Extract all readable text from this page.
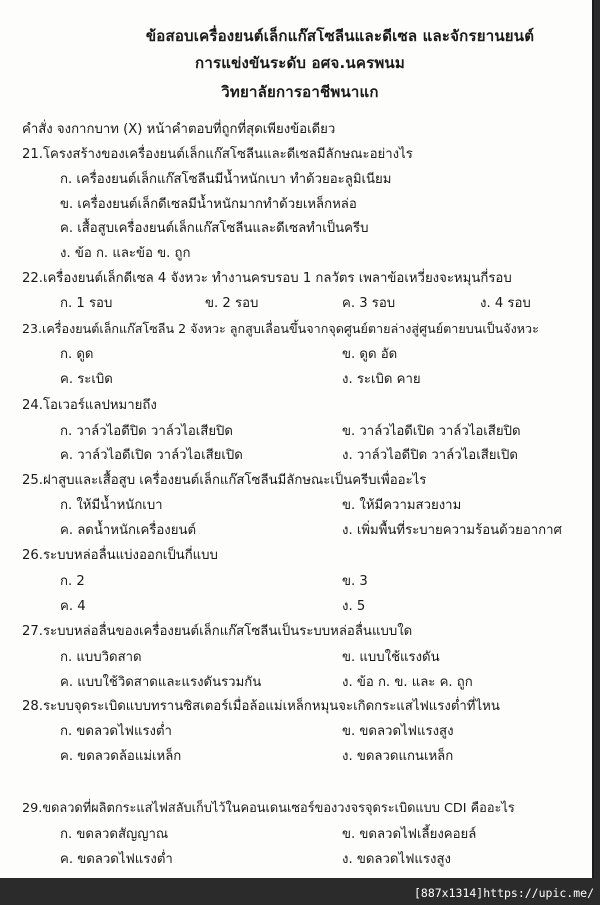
ข้อสอบเครื่องยนต์เล็กแก๊สโซลีนและดีเซล และจักรยานยนต์
การแข่งขันระดับ อศจ.นครพนม
วิทยาลัยการอาชีพนาแก
คำสั่ง จงกากบาท (X) หน้าคำตอบที่ถูกที่สุดเพียงข้อเดียว
21.โครงสร้างของเครื่องยนต์เล็กแก๊สโซลีนและดีเซลมีลักษณะอย่างไร
ก. เครื่องยนต์เล็กแก๊สโซลีนมีน้ำหนักเบา ทำด้วยอะลูมิเนียม
ข. เครื่องยนต์เล็กดีเซลมีน้ำหนักมากทำด้วยเหล็กหล่อ
ค. เสื้อสูบเครื่องยนต์เล็กแก๊สโซลีนและดีเซลทำเป็นครีบ
ง. ข้อ ก. และข้อ ข. ถูก
22.เครื่องยนต์เล็กดีเซล 4 จังหวะ ทำงานครบรอบ 1 กลวัตร เพลาข้อเหวี่ยงจะหมุนกี่รอบ
ก. 1 รอบ	ข. 2 รอบ	ค. 3 รอบ	ง. 4 รอบ
23.เครื่องยนต์เล็กแก๊สโซลีน 2 จังหวะ ลูกสูบเลื่อนขึ้นจากจุดศูนย์ตายล่างสู่ศูนย์ตายบนเป็นจังหวะ
ก. ดูด	ข. ดูด อัด
ค. ระเบิด	ง. ระเบิด คาย
24.โอเวอร์แลปหมายถึง
ก. วาล์วไอดีปิด วาล์วไอเสียปิด	ข. วาล์วไอดีเปิด วาล์วไอเสียปิด
ค. วาล์วไอดีเปิด วาล์วไอเสียเปิด	ง. วาล์วไอดีปิด วาล์วไอเสียเปิด
25.ฝาสูบและเสื้อสูบ เครื่องยนต์เล็กแก๊สโซลีนมีลักษณะเป็นครีบเพื่ออะไร
ก. ให้มีน้ำหนักเบา	ข. ให้มีความสวยงาม
ค. ลดน้ำหนักเครื่องยนต์	ง. เพิ่มพื้นที่ระบายความร้อนด้วยอากาศ
26.ระบบหล่อลื่นแบ่งออกเป็นกี่แบบ
ก. 2	ข. 3
ค. 4	ง. 5
27.ระบบหล่อลื่นของเครื่องยนต์เล็กแก๊สโซลีนเป็นระบบหล่อลื่นแบบใด
ก. แบบวิดสาด	ข. แบบใช้แรงดัน
ค. แบบใช้วิดสาดและแรงดันรวมกัน	ง. ข้อ ก. ข. และ ค. ถูก
28.ระบบจุดระเบิดแบบทรานซิสเตอร์เมื่อล้อแม่เหล็กหมุนจะเกิดกระแสไฟแรงต่ำที่ไหน
ก. ขดลวดไฟแรงต่ำ	ข. ขดลวดไฟแรงสูง
ค. ขดลวดล้อแม่เหล็ก	ง. ขดลวดแกนเหล็ก
29.ขดลวดที่ผลิตกระแสไฟสลับเก็บไว้ในคอนเดนเซอร์ของวงจรจุดระเบิดแบบ CDI คืออะไร
ก. ขดลวดสัญญาณ	ข. ขดลวดไฟเลี้ยงคอยล์
ค. ขดลวดไฟแรงต่ำ	ง. ขดลวดไฟแรงสูง
[887x1314]https://upic.me/
